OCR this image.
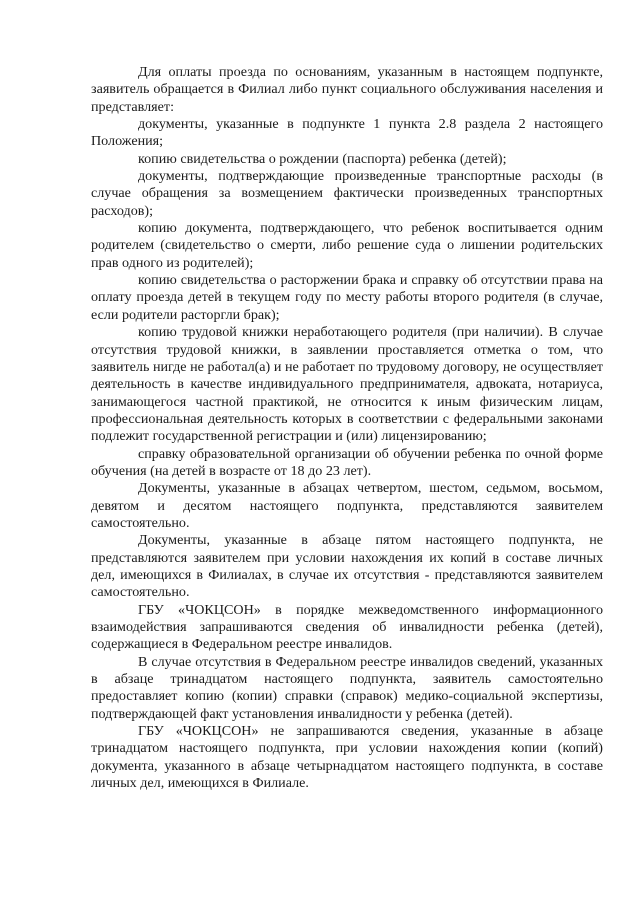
Для оплаты проезда по основаниям, указанным в настоящем подпункте, заявитель обращается в Филиал либо пункт социального обслуживания населения и представляет:

документы, указанные в подпункте 1 пункта 2.8 раздела 2 настоящего Положения;

копию свидетельства о рождении (паспорта) ребенка (детей);

документы, подтверждающие произведенные транспортные расходы (в случае обращения за возмещением фактически произведенных транспортных расходов);

копию документа, подтверждающего, что ребенок воспитывается одним родителем (свидетельство о смерти, либо решение суда о лишении родительских прав одного из родителей);

копию свидетельства о расторжении брака и справку об отсутствии права на оплату проезда детей в текущем году по месту работы второго родителя (в случае, если родители расторгли брак);

копию трудовой книжки неработающего родителя (при наличии). В случае отсутствия трудовой книжки, в заявлении проставляется отметка о том, что заявитель нигде не работал(а) и не работает по трудовому договору, не осуществляет деятельность в качестве индивидуального предпринимателя, адвоката, нотариуса, занимающегося частной практикой, не относится к иным физическим лицам, профессиональная деятельность которых в соответствии с федеральными законами подлежит государственной регистрации и (или) лицензированию;

справку образовательной организации об обучении ребенка по очной форме обучения (на детей в возрасте от 18 до 23 лет).

Документы, указанные в абзацах четвертом, шестом, седьмом, восьмом, девятом и десятом настоящего подпункта, представляются заявителем самостоятельно.

Документы, указанные в абзаце пятом настоящего подпункта, не представляются заявителем при условии нахождения их копий в составе личных дел, имеющихся в Филиалах, в случае их отсутствия - представляются заявителем самостоятельно.

ГБУ «ЧОКЦСОН» в порядке межведомственного информационного взаимодействия запрашиваются сведения об инвалидности ребенка (детей), содержащиеся в Федеральном реестре инвалидов.

В случае отсутствия в Федеральном реестре инвалидов сведений, указанных в абзаце тринадцатом настоящего подпункта, заявитель самостоятельно предоставляет копию (копии) справки (справок) медико-социальной экспертизы, подтверждающей факт установления инвалидности у ребенка (детей).

ГБУ «ЧОКЦСОН» не запрашиваются сведения, указанные в абзаце тринадцатом настоящего подпункта, при условии нахождения копии (копий) документа, указанного в абзаце четырнадцатом настоящего подпункта, в составе личных дел, имеющихся в Филиале.
